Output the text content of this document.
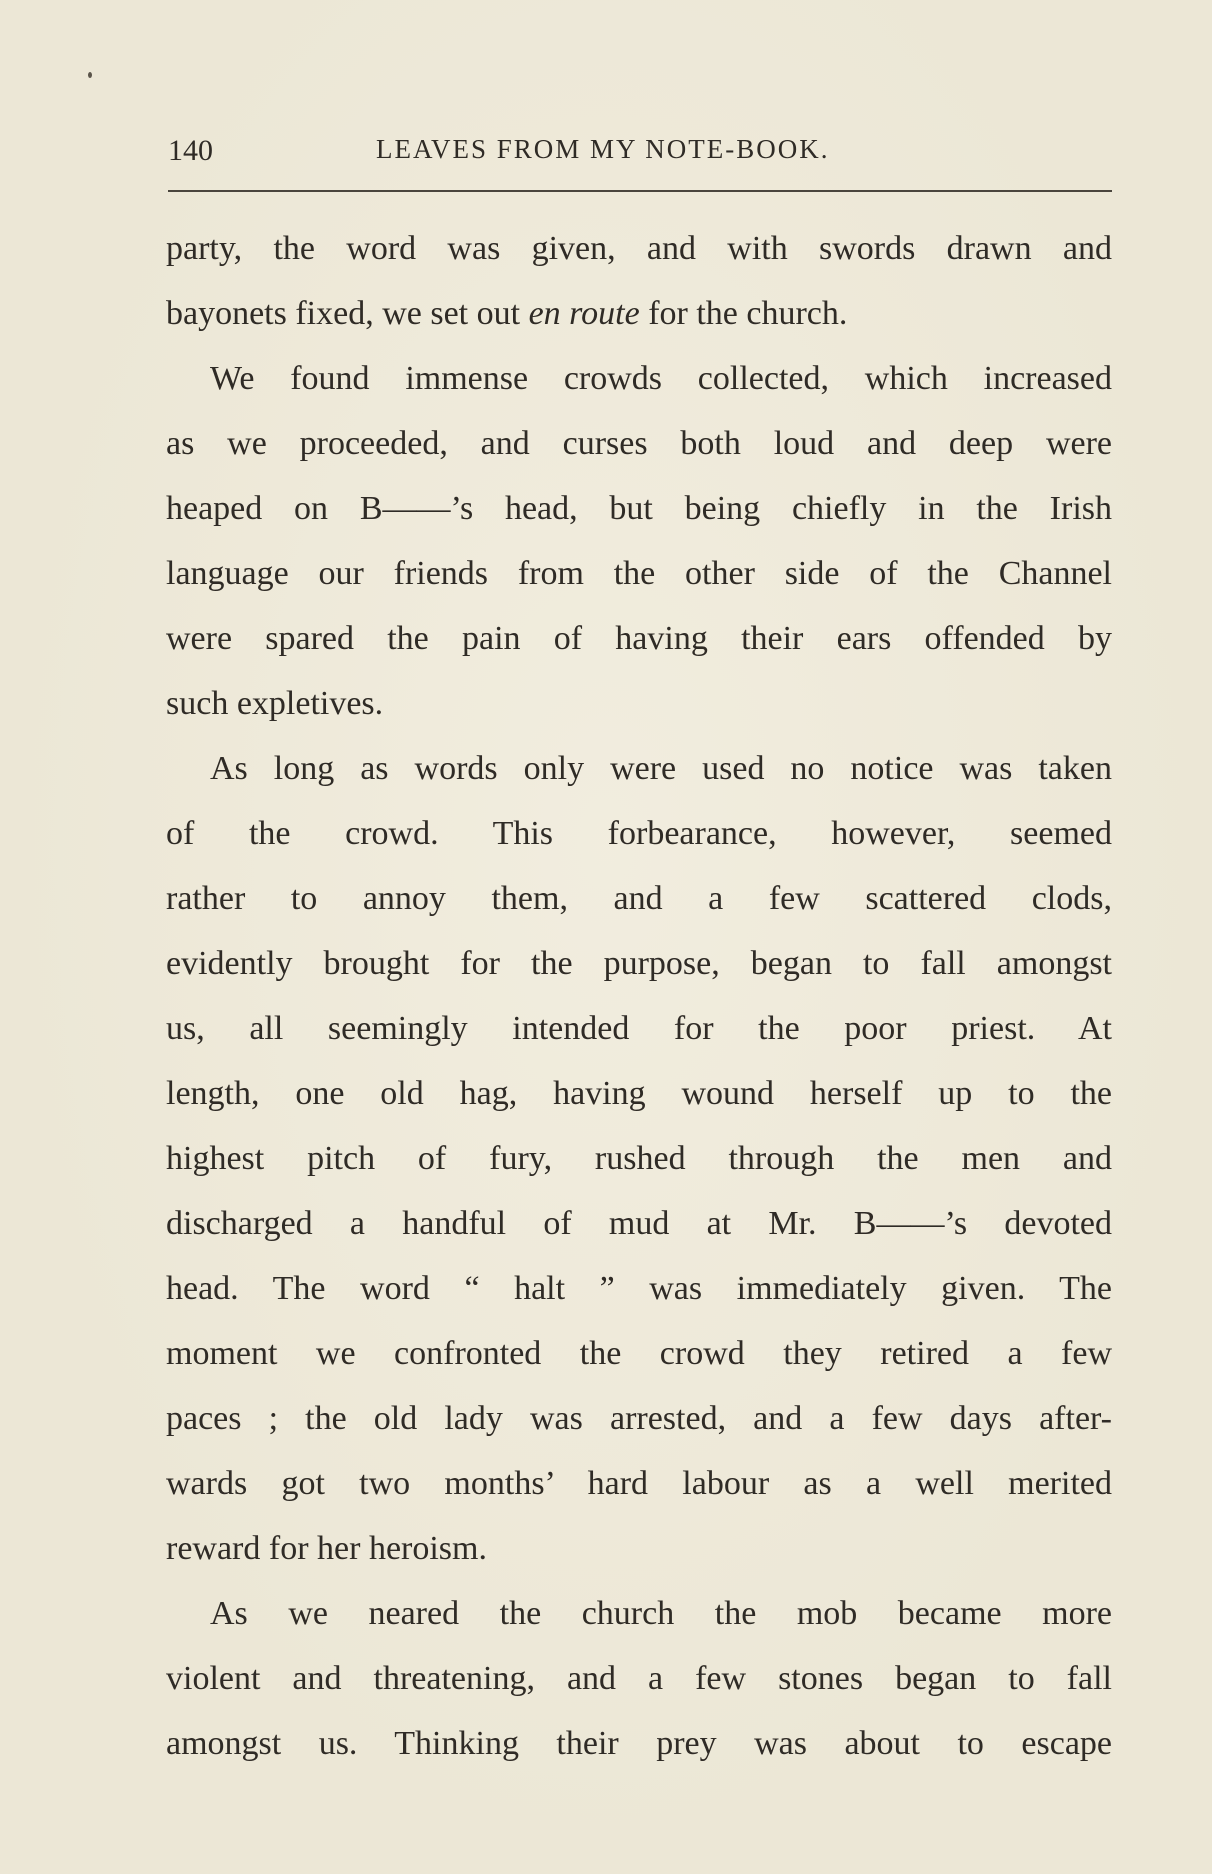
140	LEAVES FROM MY NOTE-BOOK.
party, the word was given, and with swords drawn and
bayonets fixed, we set out en route for the church.
We found immense crowds collected, which increased
as we proceeded, and curses both loud and deep were
heaped on B——’s head, but being chiefly in the Irish
language our friends from the other side of the Channel
were spared the pain of having their ears offended by
such expletives.
As long as words only were used no notice was taken
of the crowd. This forbearance, however, seemed
rather to annoy them, and a few scattered clods,
evidently brought for the purpose, began to fall amongst
us, all seemingly intended for the poor priest. At
length, one old hag, having wound herself up to the
highest pitch of fury, rushed through the men and
discharged a handful of mud at Mr. B——’s devoted
head. The word “ halt ” was immediately given. The
moment we confronted the crowd they retired a few
paces ; the old lady was arrested, and a few days after-
wards got two months’ hard labour as a well merited
reward for her heroism.
As we neared the church the mob became more
violent and threatening, and a few stones began to fall
amongst us. Thinking their prey was about to escape
